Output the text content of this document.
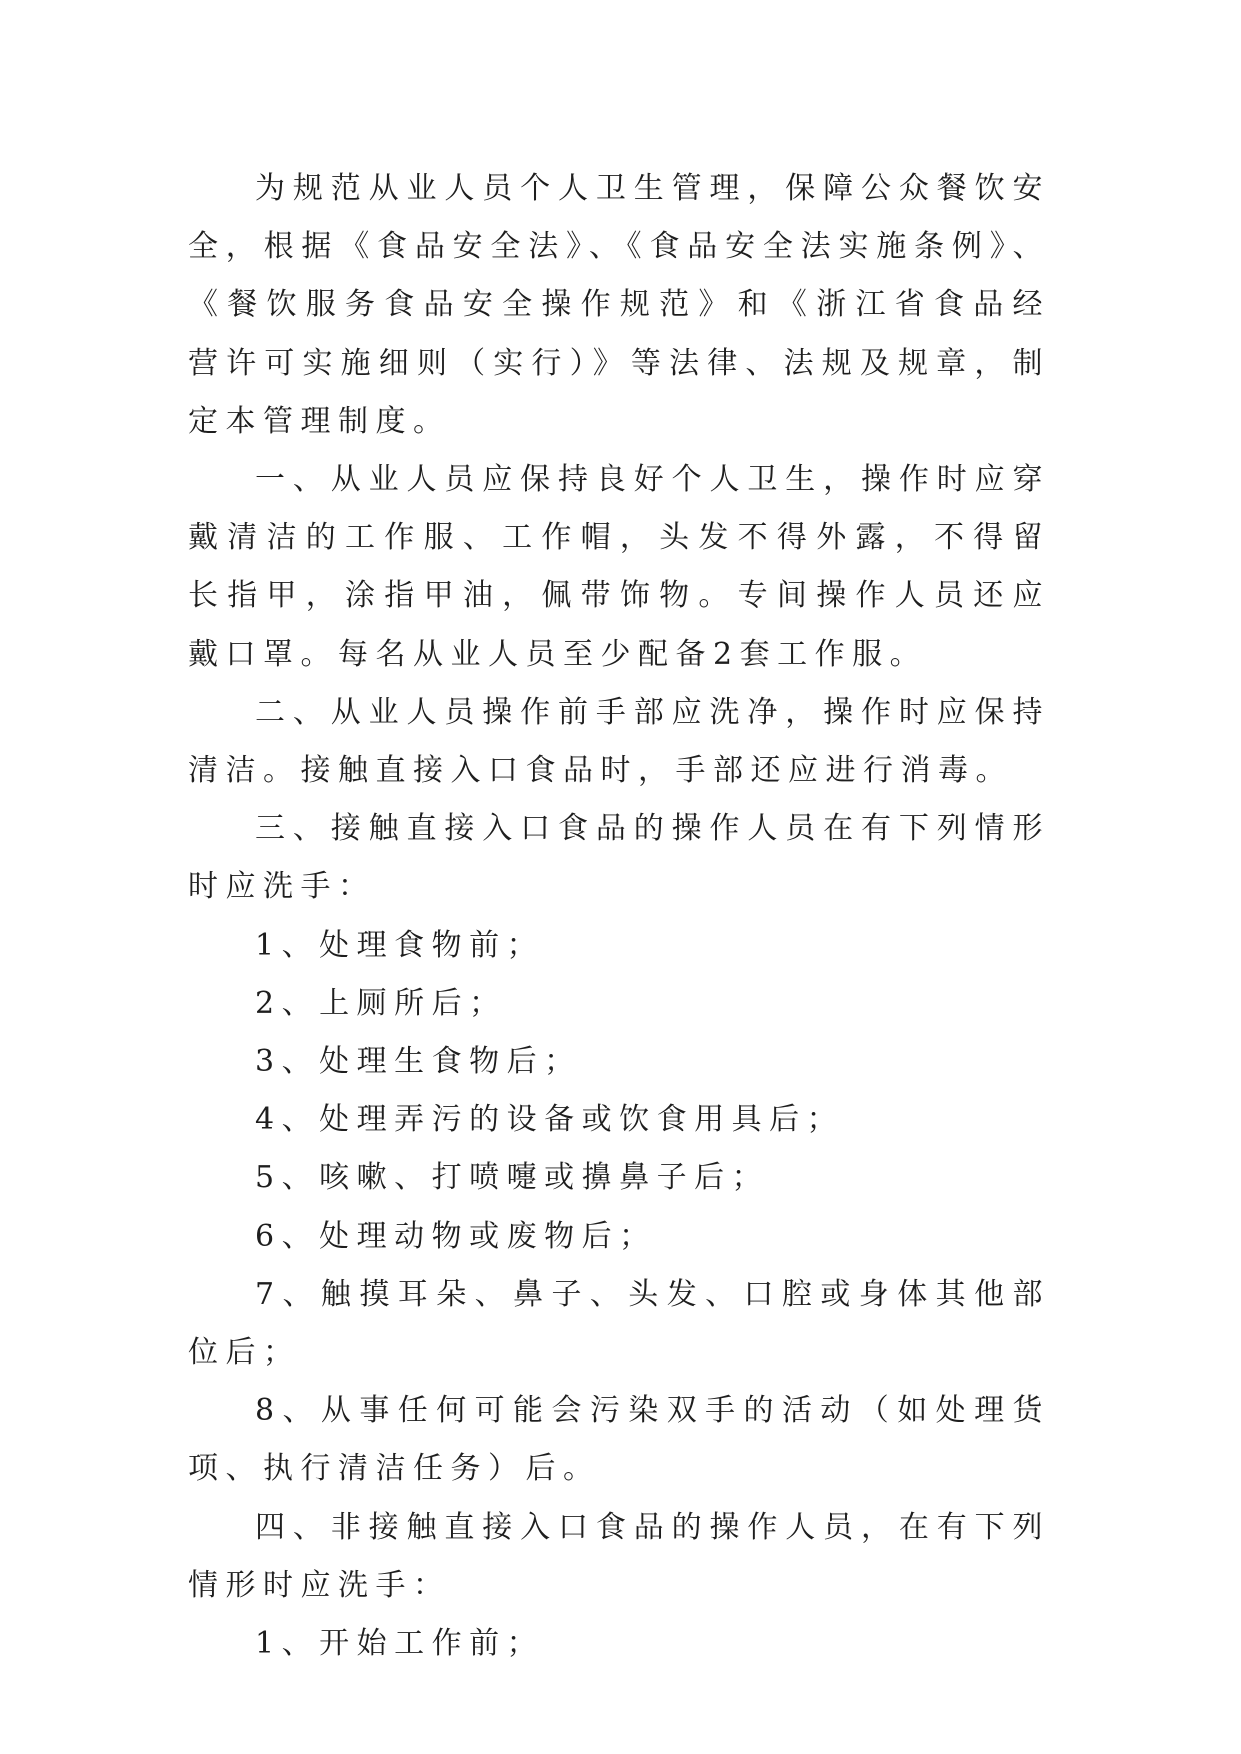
为规范从业人员个人卫生管理，保障公众餐饮安全，根据《食品安全法》、《食品安全法实施条例》、《餐饮服务食品安全操作规范》和《浙江省食品经营许可实施细则（实行）》等法律、法规及规章，制定本管理制度。

一、从业人员应保持良好个人卫生，操作时应穿戴清洁的工作服、工作帽，头发不得外露，不得留长指甲，涂指甲油，佩带饰物。专间操作人员还应戴口罩。每名从业人员至少配备2套工作服。

二、从业人员操作前手部应洗净，操作时应保持清洁。接触直接入口食品时，手部还应进行消毒。

三、接触直接入口食品的操作人员在有下列情形时应洗手：

1、处理食物前；

2、上厕所后；

3、处理生食物后；

4、处理弄污的设备或饮食用具后；

5、咳嗽、打喷嚏或擤鼻子后；

6、处理动物或废物后；

7、触摸耳朵、鼻子、头发、口腔或身体其他部位后；

8、从事任何可能会污染双手的活动（如处理货项、执行清洁任务）后。

四、非接触直接入口食品的操作人员，在有下列情形时应洗手：

1、开始工作前；
